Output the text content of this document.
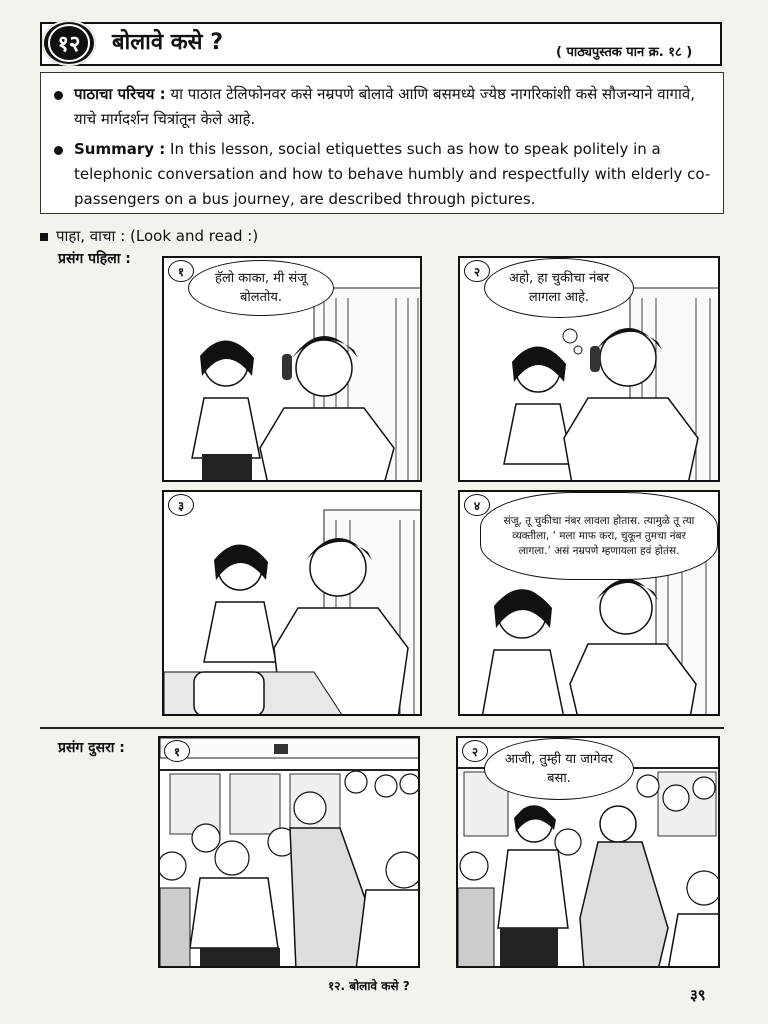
१२	बोलावे कसे ?	( पाठ्यपुस्तक पान क्र. १८ )
पाठाचा परिचय : या पाठात टेलिफोनवर कसे नम्रपणे बोलावे आणि बसमध्ये ज्येष्ठ नागरिकांशी कसे सौजन्याने वागावे, याचे मार्गदर्शन चित्रांतून केले आहे.
Summary : In this lesson, social etiquettes such as how to speak politely in a telephonic conversation and how to behave humbly and respectfully with elderly co-passengers on a bus journey, are described through pictures.
पाहा, वाचा : (Look and read :)
प्रसंग पहिला :
१	हॅलो काका, मी संजू बोलतोय.
२	अहो, हा चुकीचा नंबर लागला आहे.
३	४
संजू, तू चुकीचा नंबर लावला होतास. त्यामुळे तू त्या व्यक्तीला, ‘ मला माफ करा, चुकून तुमचा नंबर लागला.’ असं नम्रपणे म्हणायला हवं होतंस.
प्रसंग दुसरा :	१	२
आजी, तुम्ही या जागेवर बसा.
१२. बोलावे कसे ?	३९
